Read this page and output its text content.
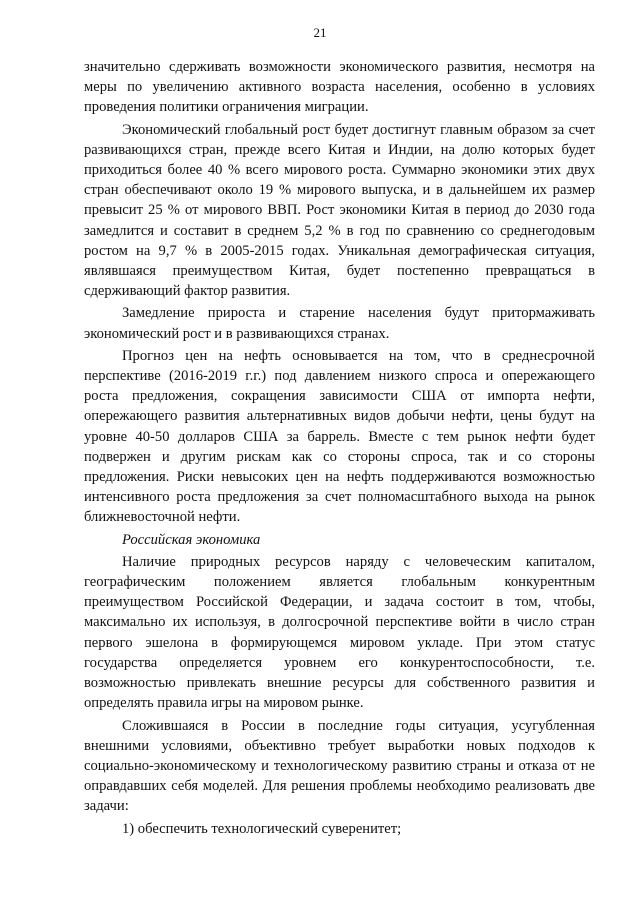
21

значительно сдерживать возможности экономического развития, несмотря на меры по увеличению активного возраста населения, особенно в условиях проведения политики ограничения миграции.

Экономический глобальный рост будет достигнут главным образом за счет развивающихся стран, прежде всего Китая и Индии, на долю которых будет приходиться более 40 % всего мирового роста. Суммарно экономики этих двух стран обеспечивают около 19 % мирового выпуска, и в дальнейшем их размер превысит 25 % от мирового ВВП. Рост экономики Китая в период до 2030 года замедлится и составит в среднем 5,2 % в год по сравнению со среднегодовым ростом на 9,7 % в 2005-2015 годах. Уникальная демографическая ситуация, являвшаяся преимуществом Китая, будет постепенно превращаться в сдерживающий фактор развития.

Замедление прироста и старение населения будут притормаживать экономический рост и в развивающихся странах.

Прогноз цен на нефть основывается на том, что в среднесрочной перспективе (2016-2019 г.г.) под давлением низкого спроса и опережающего роста предложения, сокращения зависимости США от импорта нефти, опережающего развития альтернативных видов добычи нефти, цены будут на уровне 40-50 долларов США за баррель. Вместе с тем рынок нефти будет подвержен и другим рискам как со стороны спроса, так и со стороны предложения. Риски невысоких цен на нефть поддерживаются возможностью интенсивного роста предложения за счет полномасштабного выхода на рынок ближневосточной нефти.

Российская экономика

Наличие природных ресурсов наряду с человеческим капиталом, географическим положением является глобальным конкурентным преимуществом Российской Федерации, и задача состоит в том, чтобы, максимально их используя, в долгосрочной перспективе войти в число стран первого эшелона в формирующемся мировом укладе. При этом статус государства определяется уровнем его конкурентоспособности, т.е. возможностью привлекать внешние ресурсы для собственного развития и определять правила игры на мировом рынке.

Сложившаяся в России в последние годы ситуация, усугубленная внешними условиями, объективно требует выработки новых подходов к социально-экономическому и технологическому развитию страны и отказа от не оправдавших себя моделей. Для решения проблемы необходимо реализовать две задачи:

1) обеспечить технологический суверенитет;
